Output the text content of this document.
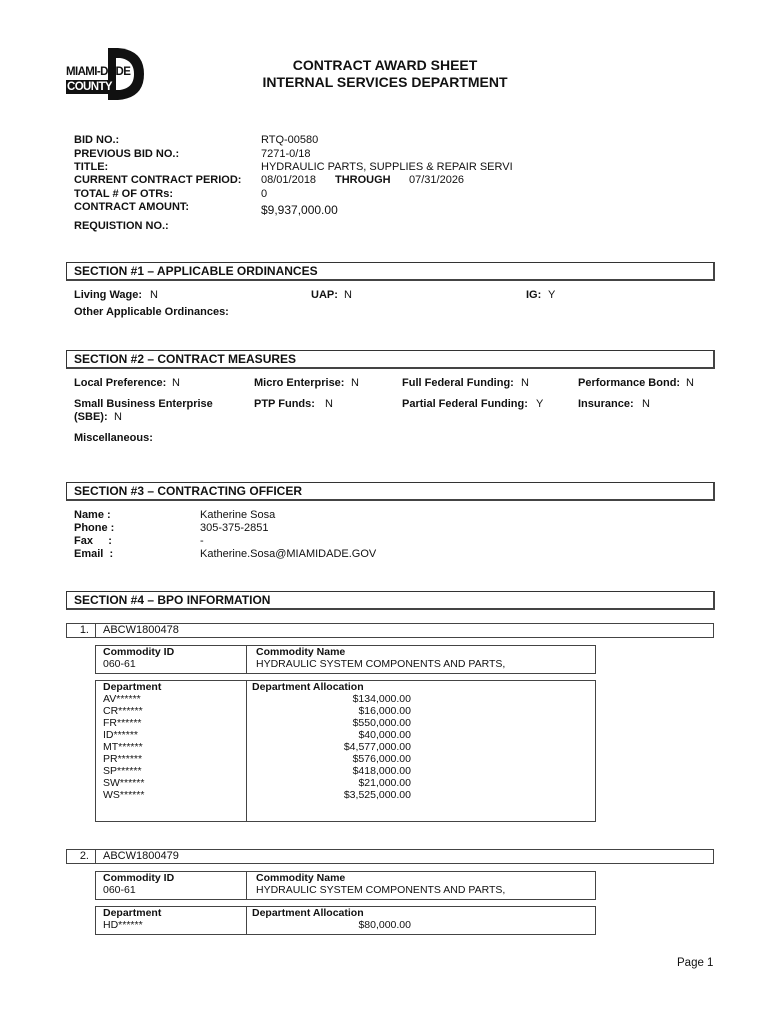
MIAMI-DADE
COUNTY
CONTRACT AWARD SHEET
INTERNAL SERVICES DEPARTMENT
BID NO.:	RTQ-00580
PREVIOUS BID NO.:	7271-0/18
TITLE:	HYDRAULIC PARTS, SUPPLIES & REPAIR SERVI
CURRENT CONTRACT PERIOD: 08/01/2018 THROUGH 07/31/2026
TOTAL # OF OTRs:	0
CONTRACT AMOUNT:	$9,937,000.00
REQUISTION NO.:
SECTION #1 – APPLICABLE ORDINANCES
Living Wage: N	UAP: N	IG: Y
Other Applicable Ordinances:
SECTION #2 – CONTRACT MEASURES
Local Preference: N	Micro Enterprise: N	Full Federal Funding: N	Performance Bond: N
Small Business Enterprise
(SBE): N
PTP Funds: N	Partial Federal Funding: Y	Insurance: N
Miscellaneous:
SECTION #3 – CONTRACTING OFFICER
Name :	Katherine Sosa
Phone :	305-375-2851
Fax     :	-
Email  :	Katherine.Sosa@MIAMIDADE.GOV
SECTION #4 – BPO INFORMATION
1.	ABCW1800478
Commodity ID	Commodity Name
060-61	HYDRAULIC SYSTEM COMPONENTS AND PARTS,
Department	Department Allocation
AV******	$134,000.00
CR******	$16,000.00
FR******	$550,000.00
ID******	$40,000.00
MT******	$4,577,000.00
PR******	$576,000.00
SP******	$418,000.00
SW******	$21,000.00
WS******	$3,525,000.00
2.	ABCW1800479
Commodity ID	Commodity Name
060-61	HYDRAULIC SYSTEM COMPONENTS AND PARTS,
Department	Department Allocation
HD******	$80,000.00
Page 1
